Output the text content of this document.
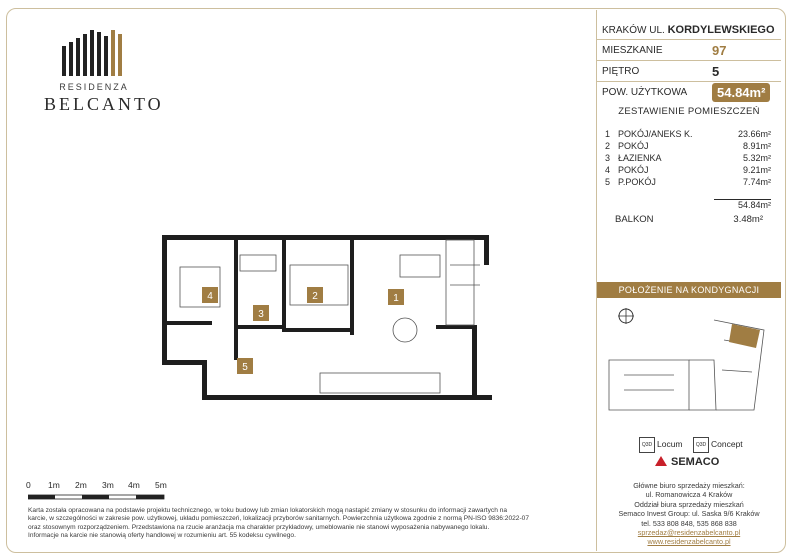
RESIDENZA
BELCANTO
4
3
2	1
5
0 1m 2m 3m 4m 5m
Karta została opracowana na podstawie projektu technicznego, w toku budowy lub zmian lokatorskich mogą nastąpić zmiany w stosunku do informacji zawartych na
karcie, w szczególności w zakresie pow. użytkowej, układu pomieszczeń, lokalizacji przyborów sanitarnych. Powierzchnia użytkowa zgodnie z normą PN-ISO 9836:2022-07
oraz stosownym rozporządzeniem. Przedstawiona na rzucie aranżacja ma charakter przykładowy, umeblowanie nie stanowi wyposażenia nabywanego lokalu.
Informacje na karcie nie stanowią oferty handlowej w rozumieniu art. 55 kodeksu cywilnego.
KRAKÓW UL. KORDYLEWSKIEGO
MIESZKANIE	97
PIĘTRO	5
POW. UŻYTKOWA	54.84m²
ZESTAWIENIE POMIESZCZEŃ
1	POKÓJ/ANEKS K.	23.66m²
2	POKÓJ	8.91m²
3	ŁAZIENKA	5.32m²
4	POKÓJ	9.21m²
5	P.POKÓJ	7.74m²
54.84m²
BALKON	3.48m²
POŁOŻENIE NA KONDYGNACJI
Q3D Locum	Q3D Concept
SEMACO
Główne biuro sprzedaży mieszkań:
ul. Romanowicza 4 Kraków
Oddział biura sprzedaży mieszkań
Semaco Invest Group: ul. Saska 9/6 Kraków
tel. 533 808 848, 535 868 838
sprzedaz@residenzabelcanto.pl
www.residenzabelcanto.pl
